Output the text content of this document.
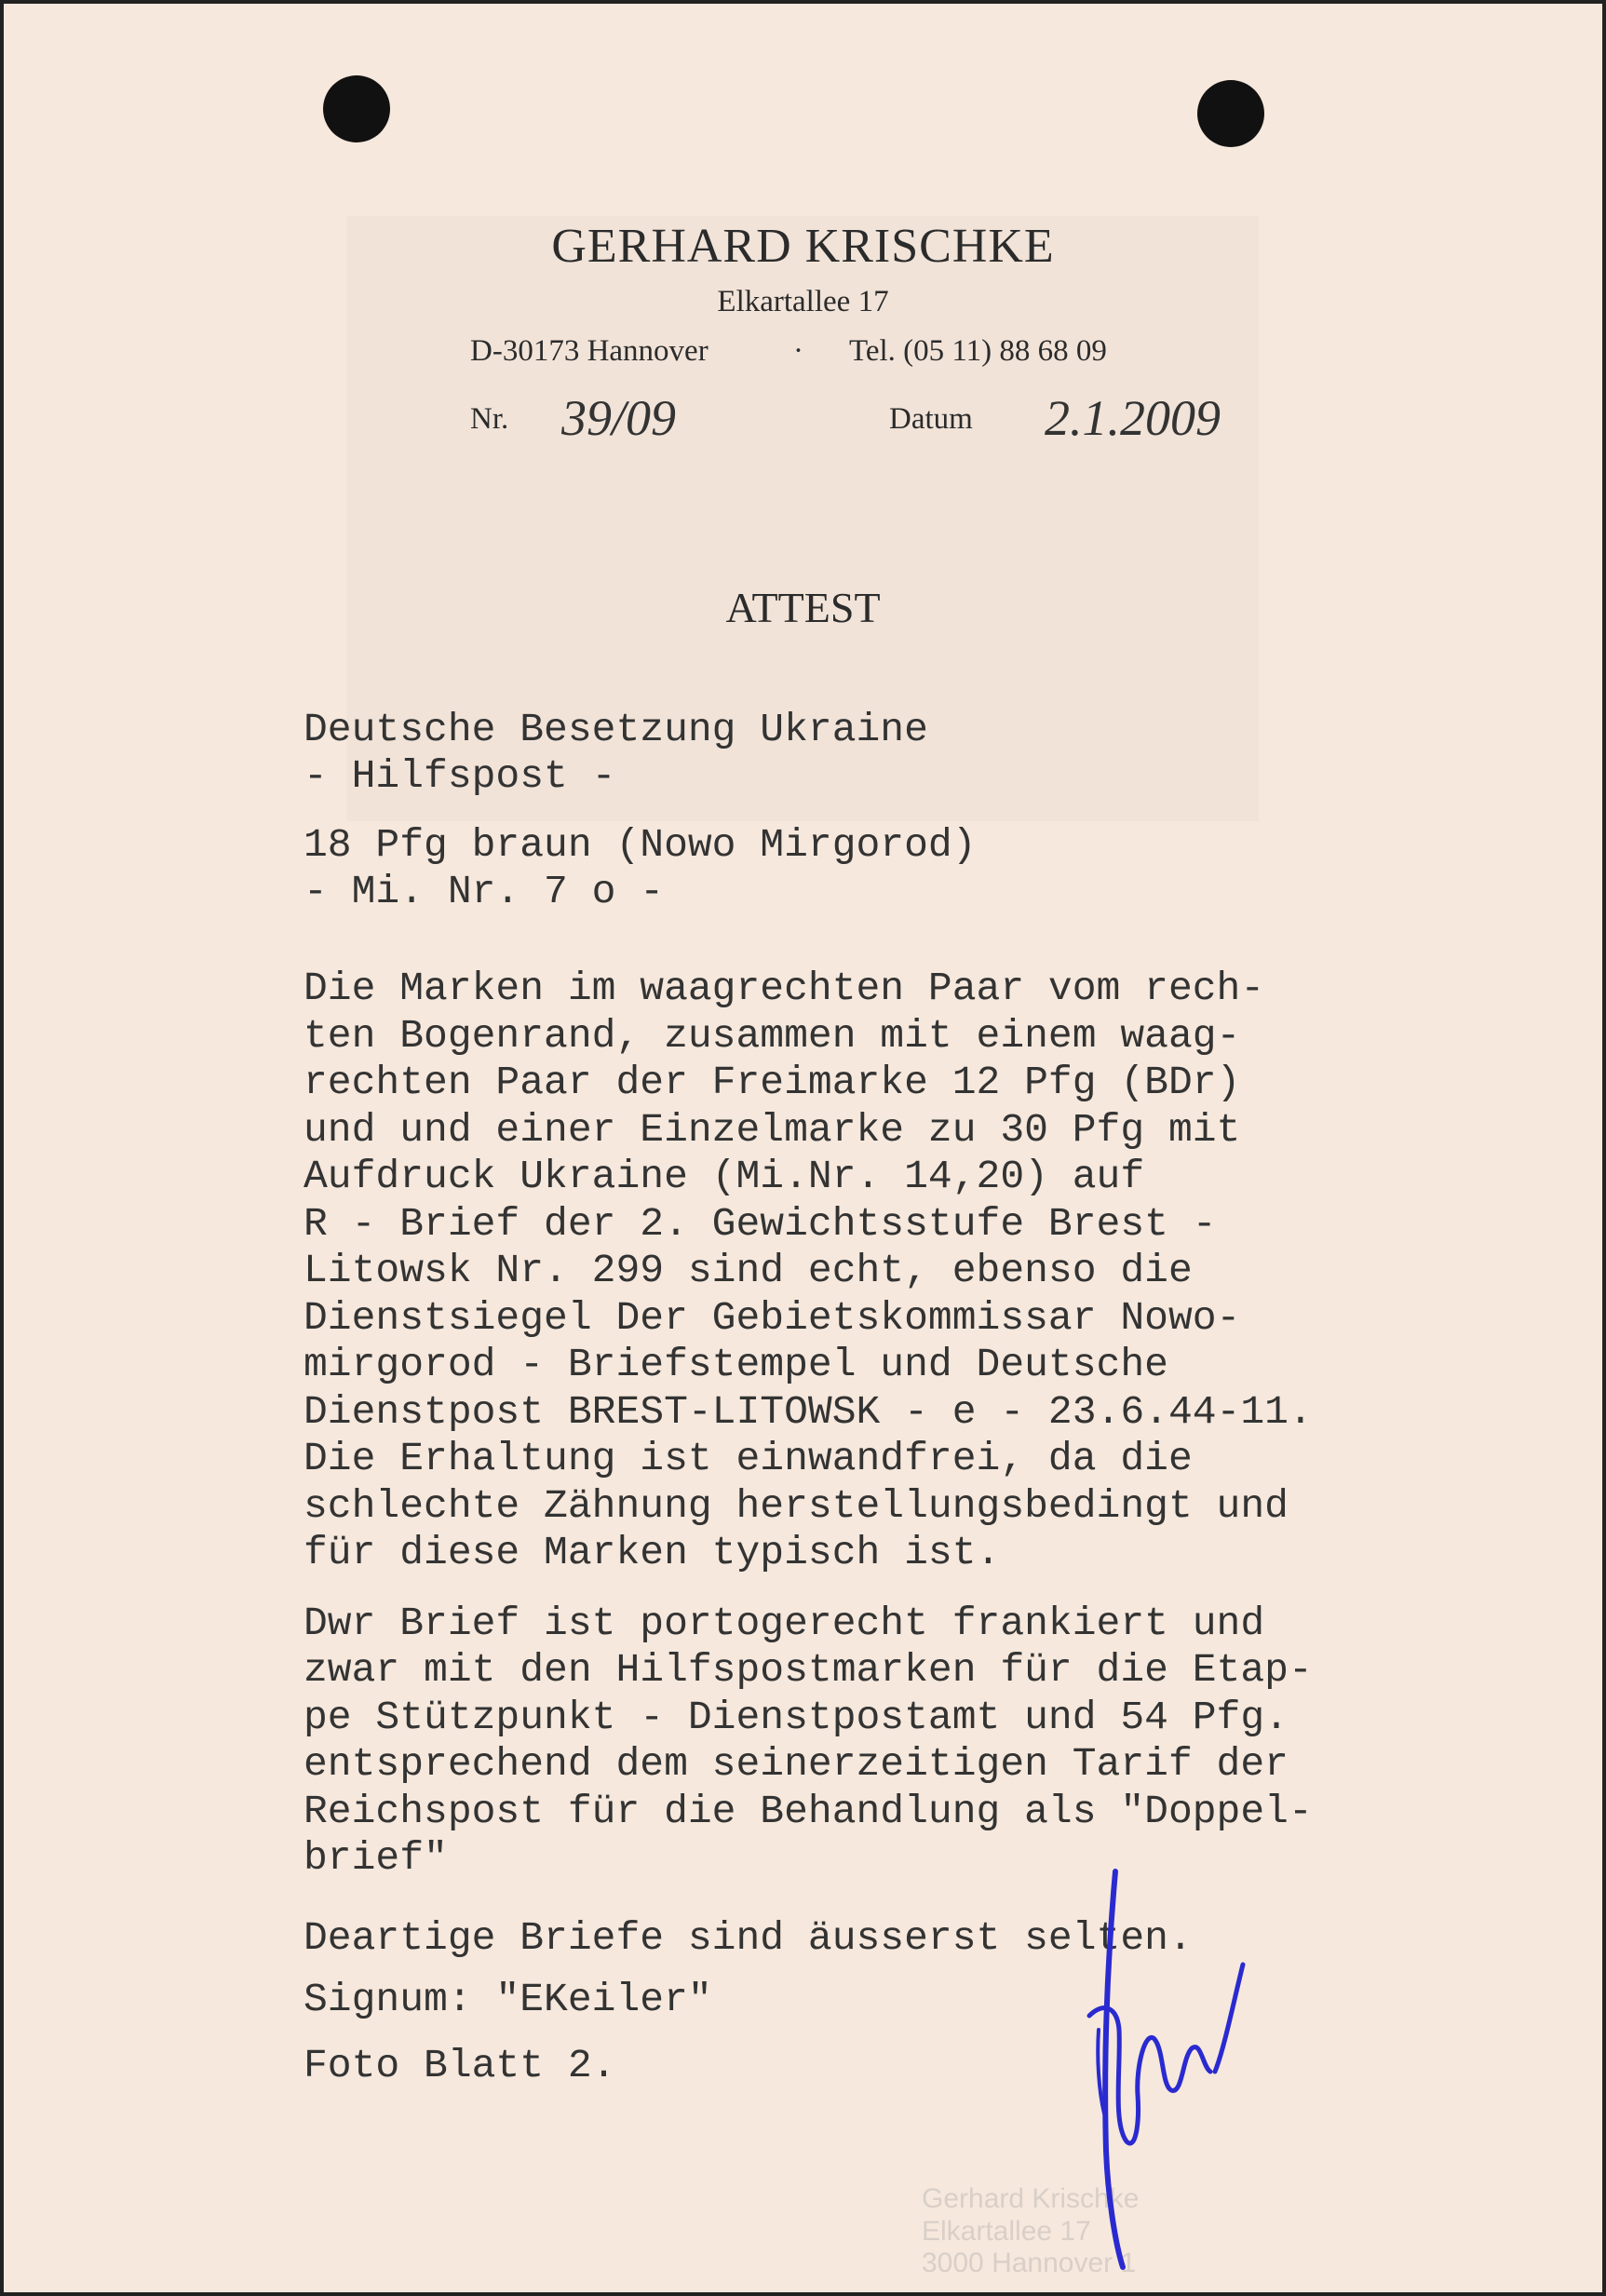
GERHARD KRISCHKE
Elkartallee 17
D-30173 Hannover	· Tel. (05 11) 88 68 09
Nr. 39/09	Datum 2.1.2009
ATTEST
Deutsche Besetzung Ukraine
- Hilfspost -
18 Pfg braun (Nowo Mirgorod)
- Mi. Nr. 7 o -
Die Marken im waagrechten Paar vom rech-
ten Bogenrand, zusammen mit einem waag-
rechten Paar der Freimarke 12 Pfg (BDr)
und und einer Einzelmarke zu 30 Pfg mit
Aufdruck Ukraine (Mi.Nr. 14,20) auf
R - Brief der 2. Gewichtsstufe Brest -
Litowsk Nr. 299 sind echt, ebenso die
Dienstsiegel Der Gebietskommissar Nowo-
mirgorod - Briefstempel und Deutsche
Dienstpost BREST-LITOWSK - e - 23.6.44-11.
Die Erhaltung ist einwandfrei, da die
schlechte Zähnung herstellungsbedingt und
für diese Marken typisch ist.
Dwr Brief ist portogerecht frankiert und
zwar mit den Hilfspostmarken für die Etap-
pe Stützpunkt - Dienstpostamt und 54 Pfg.
entsprechend dem seinerzeitigen Tarif der
Reichspost für die Behandlung als "Doppel-
brief"
Deartige Briefe sind äusserst selten.
Signum: "EKeiler"
Foto Blatt 2.
Gerhard Krischke
Elkartallee 17
3000 Hannover 1
